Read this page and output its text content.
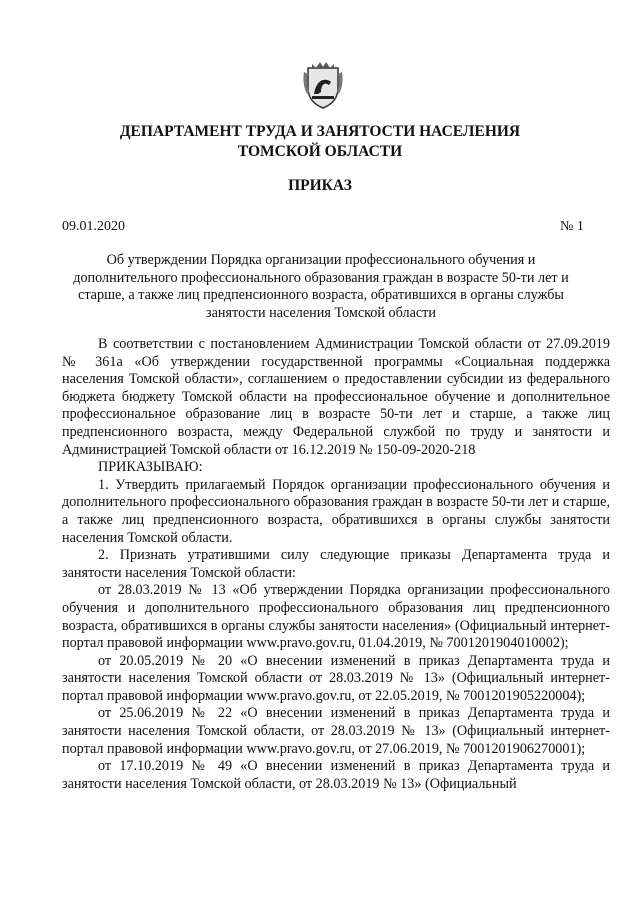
ДЕПАРТАМЕНТ ТРУДА И ЗАНЯТОСТИ НАСЕЛЕНИЯ
ТОМСКОЙ ОБЛАСТИ
ПРИКАЗ
09.01.2020	№ 1
Об утверждении Порядка организации профессионального обучения и дополнительного профессионального образования граждан в возрасте 50-ти лет и старше, а также лиц предпенсионного возраста, обратившихся в органы службы занятости населения Томской области

В соответствии с постановлением Администрации Томской области от 27.09.2019 № 361а «Об утверждении государственной программы «Социальная поддержка населения Томской области», соглашением о предоставлении субсидии из федерального бюджета бюджету Томской области на профессиональное обучение и дополнительное профессиональное образование лиц в возрасте 50-ти лет и старше, а также лиц предпенсионного возраста, между Федеральной службой по труду и занятости и Администрацией Томской области от 16.12.2019 № 150-09-2020-218

ПРИКАЗЫВАЮ:

1. Утвердить прилагаемый Порядок организации профессионального обучения и дополнительного профессионального образования граждан в возрасте 50-ти лет и старше, а также лиц предпенсионного возраста, обратившихся в органы службы занятости населения Томской области.

2. Признать утратившими силу следующие приказы Департамента труда и занятости населения Томской области:

от 28.03.2019 № 13 «Об утверждении Порядка организации профессионального обучения и дополнительного профессионального образования лиц предпенсионного возраста, обратившихся в органы службы занятости населения» (Официальный интернет-портал правовой информации www.pravo.gov.ru, 01.04.2019, № 7001201904010002);

от 20.05.2019 № 20 «О внесении изменений в приказ Департамента труда и занятости населения Томской области от 28.03.2019 № 13» (Официальный интернет-портал правовой информации www.pravo.gov.ru, от 22.05.2019, № 7001201905220004);

от 25.06.2019 № 22 «О внесении изменений в приказ Департамента труда и занятости населения Томской области, от 28.03.2019 № 13» (Официальный интернет-портал правовой информации www.pravo.gov.ru, от 27.06.2019, № 7001201906270001);

от 17.10.2019 № 49 «О внесении изменений в приказ Департамента труда и занятости населения Томской области, от 28.03.2019 № 13» (Официальный
